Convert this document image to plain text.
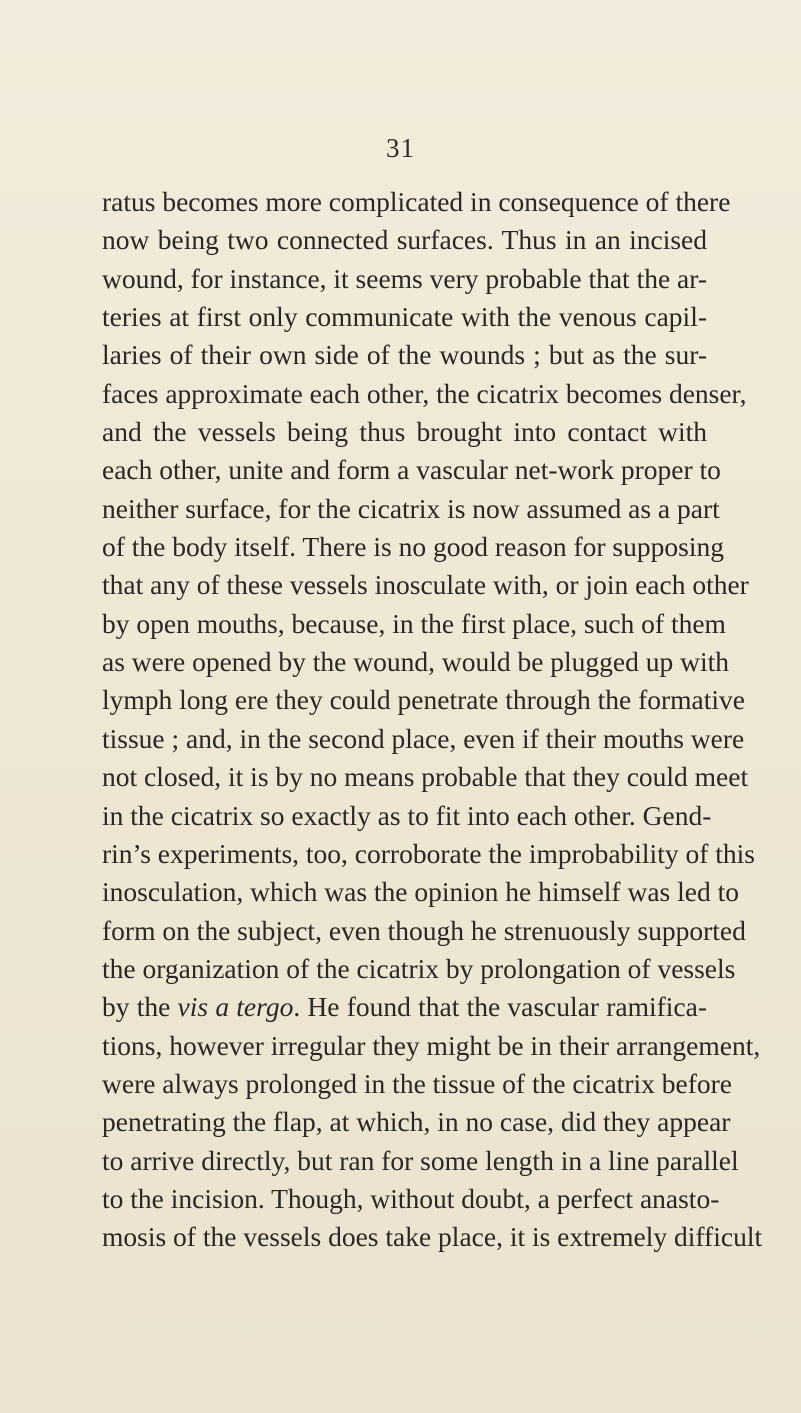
31
ratus becomes more complicated in consequence of there
now being two connected surfaces. Thus in an incised
wound, for instance, it seems very probable that the ar-
teries at first only communicate with the venous capil-
laries of their own side of the wounds ; but as the sur-
faces approximate each other, the cicatrix becomes denser,
and the vessels being thus brought into contact with
each other, unite and form a vascular net-work proper to
neither surface, for the cicatrix is now assumed as a part
of the body itself. There is no good reason for supposing
that any of these vessels inosculate with, or join each other
by open mouths, because, in the first place, such of them
as were opened by the wound, would be plugged up with
lymph long ere they could penetrate through the formative
tissue ; and, in the second place, even if their mouths were
not closed, it is by no means probable that they could meet
in the cicatrix so exactly as to fit into each other. Gend-
rin’s experiments, too, corroborate the improbability of this
inosculation, which was the opinion he himself was led to
form on the subject, even though he strenuously supported
the organization of the cicatrix by prolongation of vessels
by the vis a tergo. He found that the vascular ramifica-
tions, however irregular they might be in their arrangement,
were always prolonged in the tissue of the cicatrix before
penetrating the flap, at which, in no case, did they appear
to arrive directly, but ran for some length in a line parallel
to the incision. Though, without doubt, a perfect anasto-
mosis of the vessels does take place, it is extremely difficult
